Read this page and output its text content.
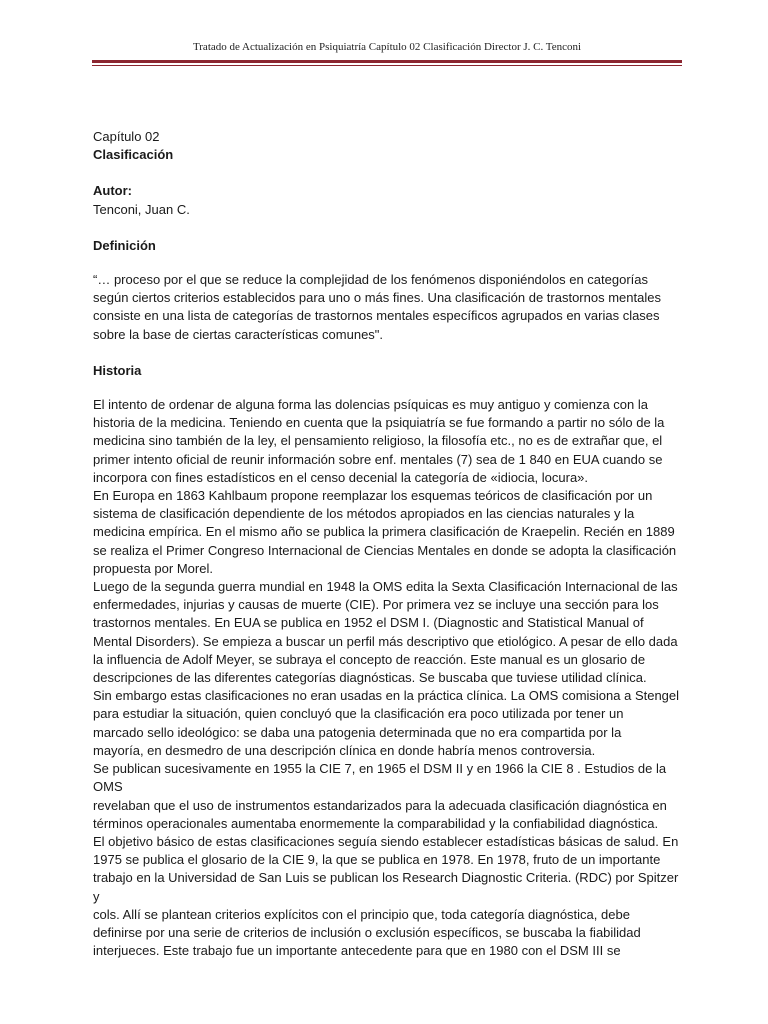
Tratado de Actualización en Psiquiatría Capítulo 02 Clasificación Director J. C. Tenconi

Capítulo 02

Clasificación

Autor:

Tenconi, Juan C.

Definición

“… proceso por el que se reduce la complejidad de los fenómenos disponiéndolos en categorías

según ciertos criterios establecidos para uno o más fines. Una clasificación de trastornos mentales

consiste en una lista de categorías de trastornos mentales específicos agrupados en varias clases

sobre la base de ciertas características comunes".

Historia

El intento de ordenar de alguna forma las dolencias psíquicas es muy antiguo y comienza con la

historia de la medicina. Teniendo en cuenta que la psiquiatría se fue formando a partir no sólo de la

medicina sino también de la ley, el pensamiento religioso, la filosofía etc., no es de extrañar que, el

primer intento oficial de reunir información sobre enf. mentales (7) sea de 1 840 en EUA cuando se

incorpora con fines estadísticos en el censo decenial la categoría de «idiocia, locura».

En Europa en 1863 Kahlbaum propone reemplazar los esquemas teóricos de clasificación por un

sistema de clasificación dependiente de los métodos apropiados en las ciencias naturales y la

medicina empírica. En el mismo año se publica la primera clasificación de Kraepelin. Recién en 1889

se realiza el Primer Congreso Internacional de Ciencias Mentales en donde se adopta la clasificación

propuesta por Morel.

Luego de la segunda guerra mundial en 1948 la OMS edita la Sexta Clasificación Internacional de las

enfermedades, injurias y causas de muerte (CIE). Por primera vez se incluye una sección para los

trastornos mentales. En EUA se publica en 1952 el DSM I. (Diagnostic and Statistical Manual of

Mental Disorders). Se empieza a buscar un perfil más descriptivo que etiológico. A pesar de ello dada

la influencia de Adolf Meyer, se subraya el concepto de reacción. Este manual es un glosario de

descripciones de las diferentes categorías diagnósticas. Se buscaba que tuviese utilidad clínica.

Sin embargo estas clasificaciones no eran usadas en la práctica clínica. La OMS comisiona a Stengel

para estudiar la situación, quien concluyó que la clasificación era poco utilizada por tener un

marcado sello ideológico: se daba una patogenia determinada que no era compartida por la

mayoría, en desmedro de una descripción clínica en donde habría menos controversia.

Se publican sucesivamente en 1955 la CIE 7, en 1965 el DSM II y en 1966 la CIE 8 . Estudios de la OMS

revelaban que el uso de instrumentos estandarizados para la adecuada clasificación diagnóstica en

términos operacionales aumentaba enormemente la comparabilidad y la confiabilidad diagnóstica.

El objetivo básico de estas clasificaciones seguía siendo establecer estadísticas básicas de salud. En

1975 se publica el glosario de la CIE 9, la que se publica en 1978. En 1978, fruto de un importante

trabajo en la Universidad de San Luis se publican los Research Diagnostic Criteria. (RDC) por Spitzer y

cols. Allí se plantean criterios explícitos con el principio que, toda categoría diagnóstica, debe

definirse por una serie de criterios de inclusión o exclusión específicos, se buscaba la fiabilidad

interjueces. Este trabajo fue un importante antecedente para que en 1980 con el DSM III se
